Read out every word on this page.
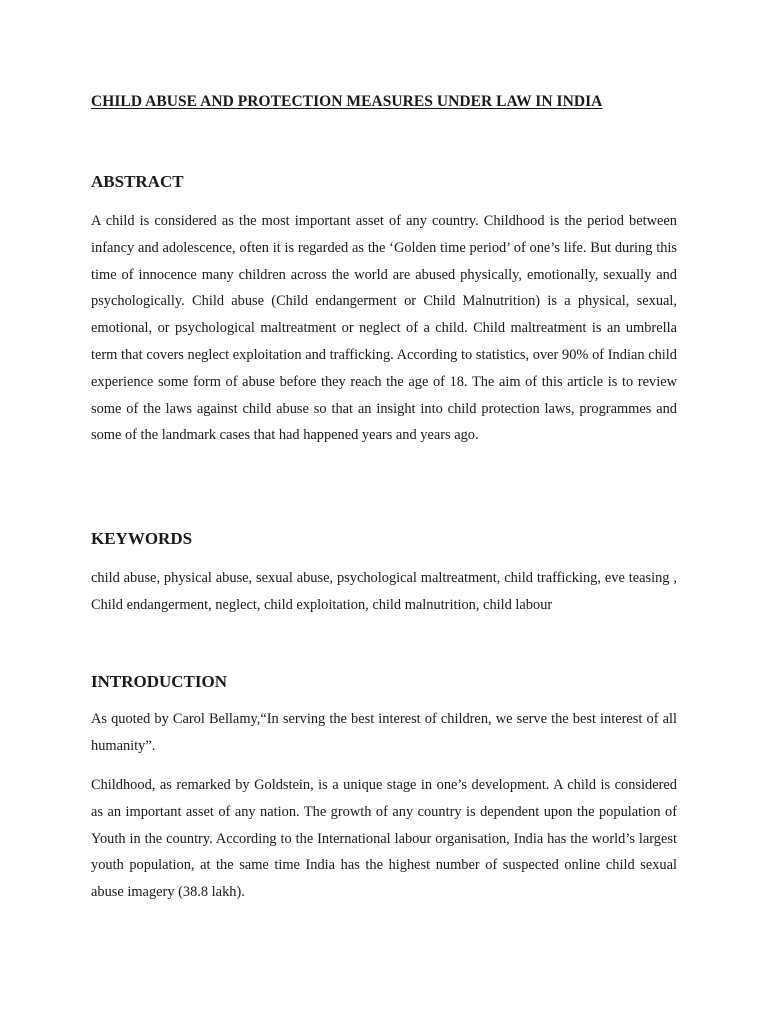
CHILD ABUSE AND PROTECTION MEASURES UNDER LAW IN INDIA
ABSTRACT

A child is considered as the most important asset of any country. Childhood is the period between infancy and adolescence, often it is regarded as the ‘Golden time period’ of one’s life. But during this time of innocence many children across the world are abused physically, emotionally, sexually and psychologically. Child abuse (Child endangerment or Child Malnutrition) is a physical, sexual, emotional, or psychological maltreatment or neglect of a child. Child maltreatment is an umbrella term that covers neglect exploitation and trafficking. According to statistics, over 90% of Indian child experience some form of abuse before they reach the age of 18. The aim of this article is to review some of the laws against child abuse so that an insight into child protection laws, programmes and some of the landmark cases that had happened years and years ago.

KEYWORDS

child abuse, physical abuse, sexual abuse, psychological maltreatment, child trafficking, eve teasing , Child endangerment, neglect, child exploitation, child malnutrition, child labour

INTRODUCTION

As quoted by Carol Bellamy,“In serving the best interest of children, we serve the best interest of all humanity”.

Childhood, as remarked by Goldstein, is a unique stage in one’s development. A child is considered as an important asset of any nation. The growth of any country is dependent upon the population of Youth in the country. According to the International labour organisation, India has the world’s largest youth population, at the same time India has the highest number of suspected online child sexual abuse imagery (38.8 lakh).
